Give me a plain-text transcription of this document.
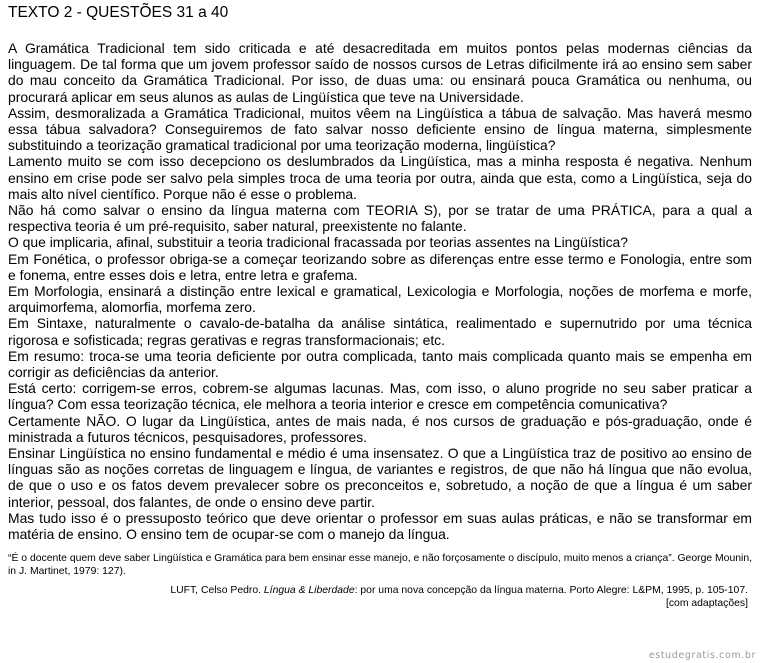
TEXTO 2 - QUESTÕES 31 a 40

A Gramática Tradicional tem sido criticada e até desacreditada em muitos pontos pelas modernas ciências da linguagem. De tal forma que um jovem professor saído de nossos cursos de Letras dificilmente irá ao ensino sem saber do mau conceito da Gramática Tradicional. Por isso, de duas uma: ou ensinará pouca Gramática ou nenhuma, ou procurará aplicar em seus alunos as aulas de Lingüística que teve na Universidade.

Assim, desmoralizada a Gramática Tradicional, muitos vêem na Lingüística a tábua de salvação. Mas haverá mesmo essa tábua salvadora? Conseguiremos de fato salvar nosso deficiente ensino de língua materna, simplesmente substituindo a teorização gramatical tradicional por uma teorização moderna, lingüística?

Lamento muito se com isso decepciono os deslumbrados da Lingüística, mas a minha resposta é negativa. Nenhum ensino em crise pode ser salvo pela simples troca de uma teoria por outra, ainda que esta, como a Lingüística, seja do mais alto nível científico. Porque não é esse o problema.

Não há como salvar o ensino da língua materna com TEORIA S), por se tratar de uma PRÁTICA, para a qual a respectiva teoria é um pré-requisito, saber natural, preexistente no falante.

O que implicaria, afinal, substituir a teoria tradicional fracassada por teorias assentes na Lingüística?

Em Fonética, o professor obriga-se a começar teorizando sobre as diferenças entre esse termo e Fonologia, entre som e fonema, entre esses dois e letra, entre letra e grafema.

Em Morfologia, ensinará a distinção entre lexical e gramatical, Lexicologia e Morfologia, noções de morfema e morfe, arquimorfema, alomorfia, morfema zero.

Em Sintaxe, naturalmente o cavalo-de-batalha da análise sintática, realimentado e supernutrido por uma técnica rigorosa e sofisticada; regras gerativas e regras transformacionais; etc.

Em resumo: troca-se uma teoria deficiente por outra complicada, tanto mais complicada quanto mais se empenha em corrigir as deficiências da anterior.

Está certo: corrigem-se erros, cobrem-se algumas lacunas. Mas, com isso, o aluno progride no seu saber praticar a língua? Com essa teorização técnica, ele melhora a teoria interior e cresce em competência comunicativa?

Certamente NÃO. O lugar da Lingüística, antes de mais nada, é nos cursos de graduação e pós-graduação, onde é ministrada a futuros técnicos, pesquisadores, professores.

Ensinar Lingüística no ensino fundamental e médio é uma insensatez. O que a Lingüística traz de positivo ao ensino de línguas são as noções corretas de linguagem e língua, de variantes e registros, de que não há língua que não evolua, de que o uso e os fatos devem prevalecer sobre os preconceitos e, sobretudo, a noção de que a língua é um saber interior, pessoal, dos falantes, de onde o ensino deve partir.

Mas tudo isso é o pressuposto teórico que deve orientar o professor em suas aulas práticas, e não se transformar em matéria de ensino. O ensino tem de ocupar-se com o manejo da língua.

“É o docente quem deve saber Lingüística e Gramática para bem ensinar esse manejo, e não forçosamente o discípulo, muito menos a criança”. George Mounin, in J. Martinet, 1979: 127).
LUFT, Celso Pedro. Língua & Liberdade: por uma nova concepção da língua materna. Porto Alegre: L&PM, 1995, p. 105-107.
[com adaptações]
estudegratis.com.br
